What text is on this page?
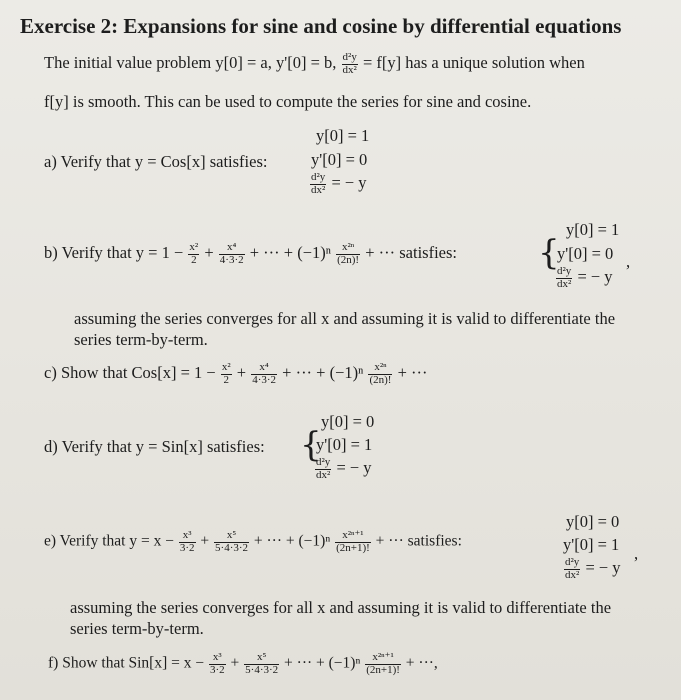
Exercise 2: Expansions for sine and cosine by differential equations
The initial value problem y[0] = a, y'[0] = b, $\frac{\text{d²y}}{\text{dx²}} = f[y]$ has a unique solution when
f[y] is smooth. This can be used to compute the series for sine and cosine.
y[0] = 1
a) Verify that y = Cos[x] satisfies:	y'[0] = 0
$\frac{\text{d²y}}{\text{dx²}}$ = − y
y[0] = 1
b) Verify that $y = 1 - \frac{\text{x²}}{2} + \frac{\text{x⁴}}{4\cdot 3\cdot 2}$ + ··· + $(-1)^n \frac{\text{x²ⁿ}}{(2n)!}$ + ··· satisfies: {
y'[0] = 0 ,
$\frac{\text{d²y}}{\text{dx²}}$ = − y
assuming the series converges for all x and assuming it is valid to differentiate the
series term-by-term.
c) Show that $Cos[x] = 1 - \frac{\text{x²}}{2} + \frac{\text{x⁴}}{4\cdot 3\cdot 2}$ + ··· + $(-1)^n \frac{\text{x²ⁿ}}{(2n)!}$ + ···
y[0] = 0
d) Verify that y = Sin[x] satisfies: {
y'[0] = 1
$\frac{\text{d²y}}{\text{dx²}}$ = − y
y[0] = 0
e) Verify that $y = x - \frac{\text{x³}}{3\cdot 2} + \frac{\text{x⁵}}{5\cdot 4\cdot 3\cdot 2}$ + ··· + $(-1)^n \frac{\text{x²ⁿ⁺¹}}{(2n+1)!}$ + ··· satisfies:	y'[0] = 1 ,
$\frac{\text{d²y}}{\text{dx²}}$ = − y
assuming the series converges for all x and assuming it is valid to differentiate the
series term-by-term.
f) Show that $Sin[x] = x - \frac{\text{x³}}{3\cdot 2} + \frac{\text{x⁵}}{5\cdot 4\cdot 3\cdot 2}$ + ··· + $(-1)^n \frac{\text{x²ⁿ⁺¹}}{(2n+1)!}$ + ···,
